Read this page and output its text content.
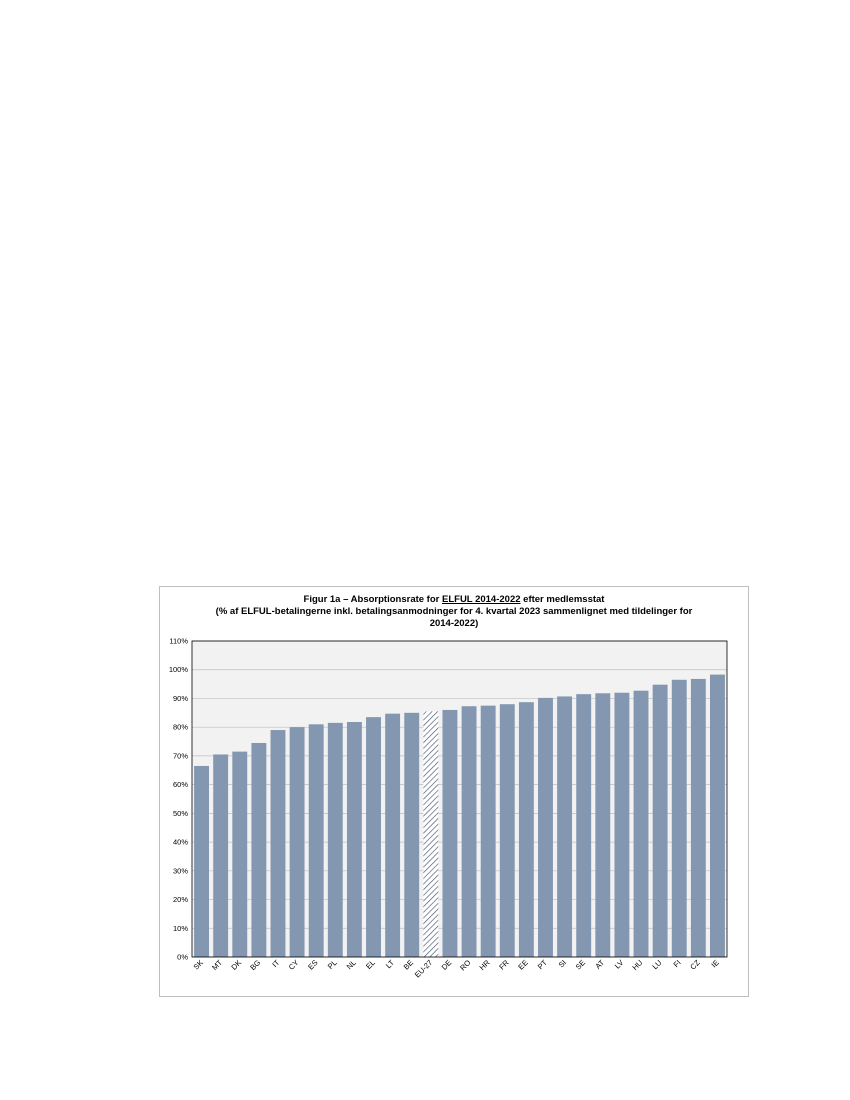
Figur 1a – Absorptionsrate for ELFUL 2014-2022 efter medlemsstat
(% af ELFUL-betalingerne inkl. betalingsanmodninger for 4. kvartal 2023 sammenlignet med tildelinger for
2014-2022)
0%
10%
20%
30%
40%
50%
60%
70%
80%
90%
100%
110%
SK MT DK BG IT CY ES PL NL EL LT BE
EU-27 DE RO HR FR EE PT SI SE AT LV HU LU FI CZ IE
